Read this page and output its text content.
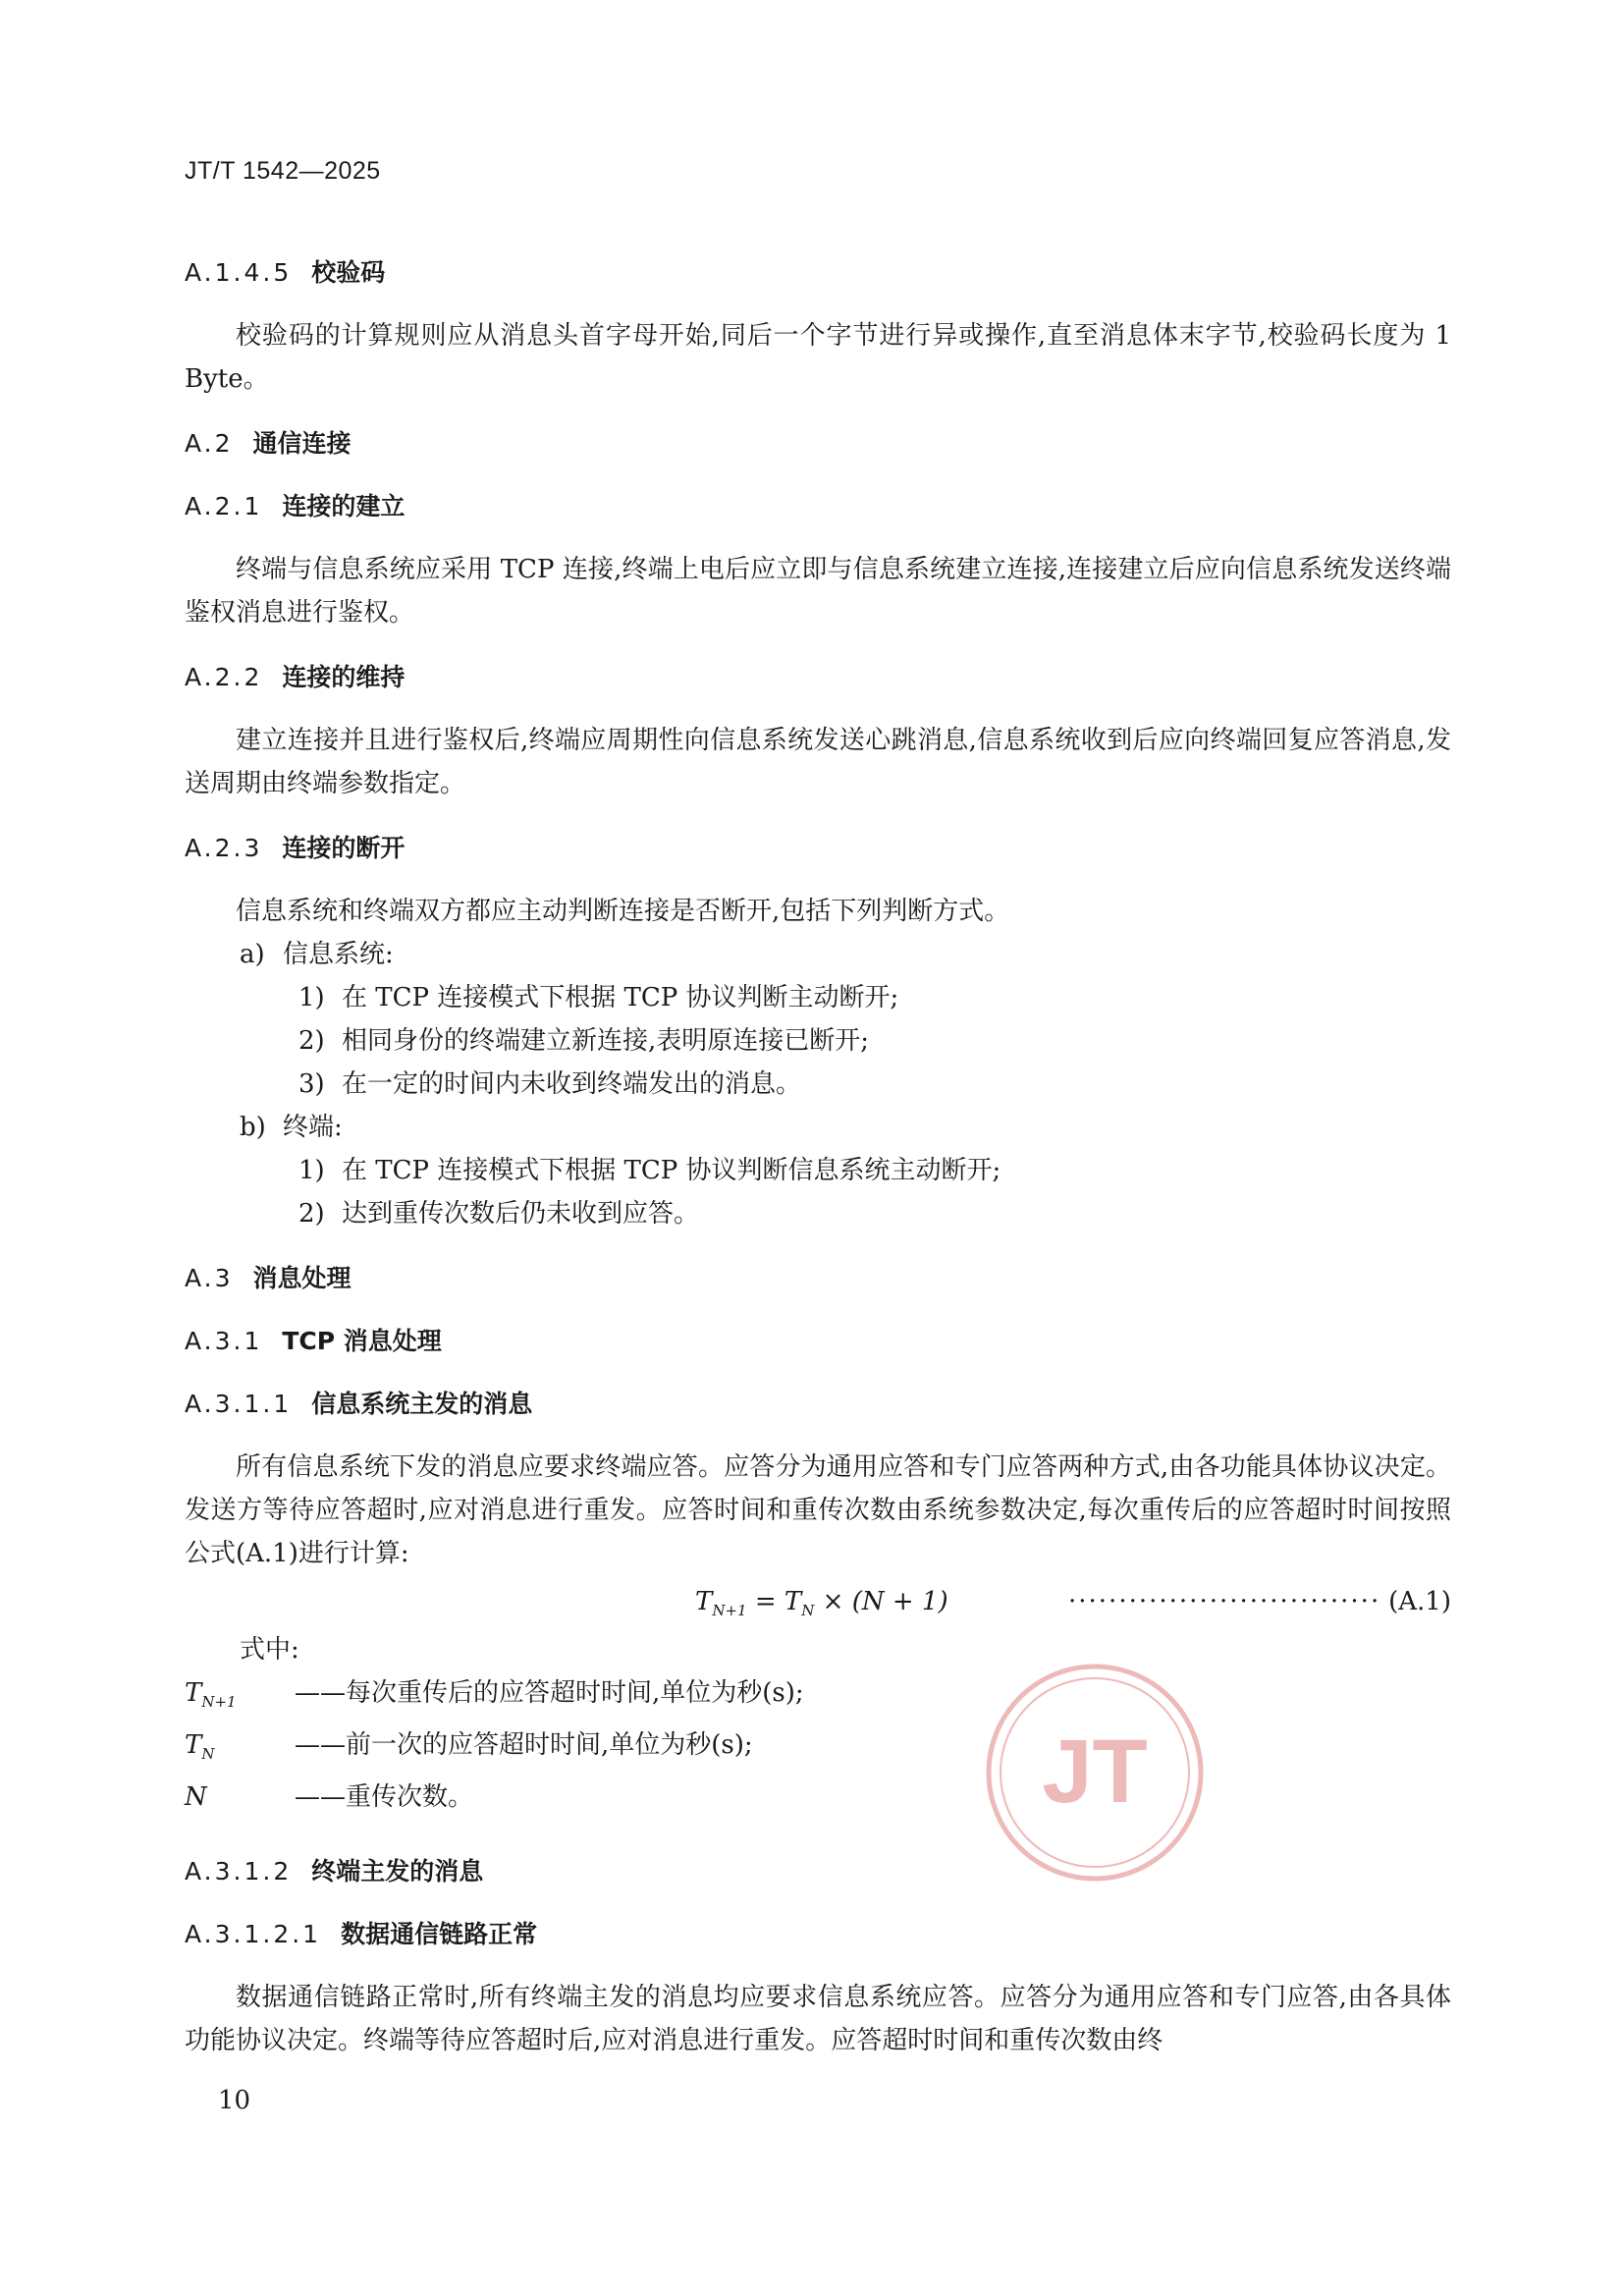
JT/T 1542—2025
A.1.4.5 校验码

校验码的计算规则应从消息头首字母开始,同后一个字节进行异或操作,直至消息体末字节,校验码长度为 1 Byte。

A.2 通信连接
A.2.1 连接的建立

终端与信息系统应采用 TCP 连接,终端上电后应立即与信息系统建立连接,连接建立后应向信息系统发送终端鉴权消息进行鉴权。

A.2.2 连接的维持

建立连接并且进行鉴权后,终端应周期性向信息系统发送心跳消息,信息系统收到后应向终端回复应答消息,发送周期由终端参数指定。

A.2.3 连接的断开

信息系统和终端双方都应主动判断连接是否断开,包括下列判断方式。

a) 信息系统:
1) 在 TCP 连接模式下根据 TCP 协议判断主动断开;
2) 相同身份的终端建立新连接,表明原连接已断开;
3) 在一定的时间内未收到终端发出的消息。
b) 终端:
1) 在 TCP 连接模式下根据 TCP 协议判断信息系统主动断开;
2) 达到重传次数后仍未收到应答。
A.3 消息处理
A.3.1 TCP 消息处理
A.3.1.1 信息系统主发的消息

所有信息系统下发的消息应要求终端应答。应答分为通用应答和专门应答两种方式,由各功能具体协议决定。发送方等待应答超时,应对消息进行重发。应答时间和重传次数由系统参数决定,每次重传后的应答超时时间按照公式(A.1)进行计算:

$T_{N+1} = T_N \times (N + 1)$	······························· (A.1)

式中:

$T_{N+1}$ ——每次重传后的应答超时时间,单位为秒(s);
$T_N$	——前一次的应答超时时间,单位为秒(s);
N	——重传次数。
A.3.1.2 终端主发的消息
A.3.1.2.1 数据通信链路正常

数据通信链路正常时,所有终端主发的消息均应要求信息系统应答。应答分为通用应答和专门应答,由各具体功能协议决定。终端等待应答超时后,应对消息进行重发。应答超时时间和重传次数由终

JT
10
